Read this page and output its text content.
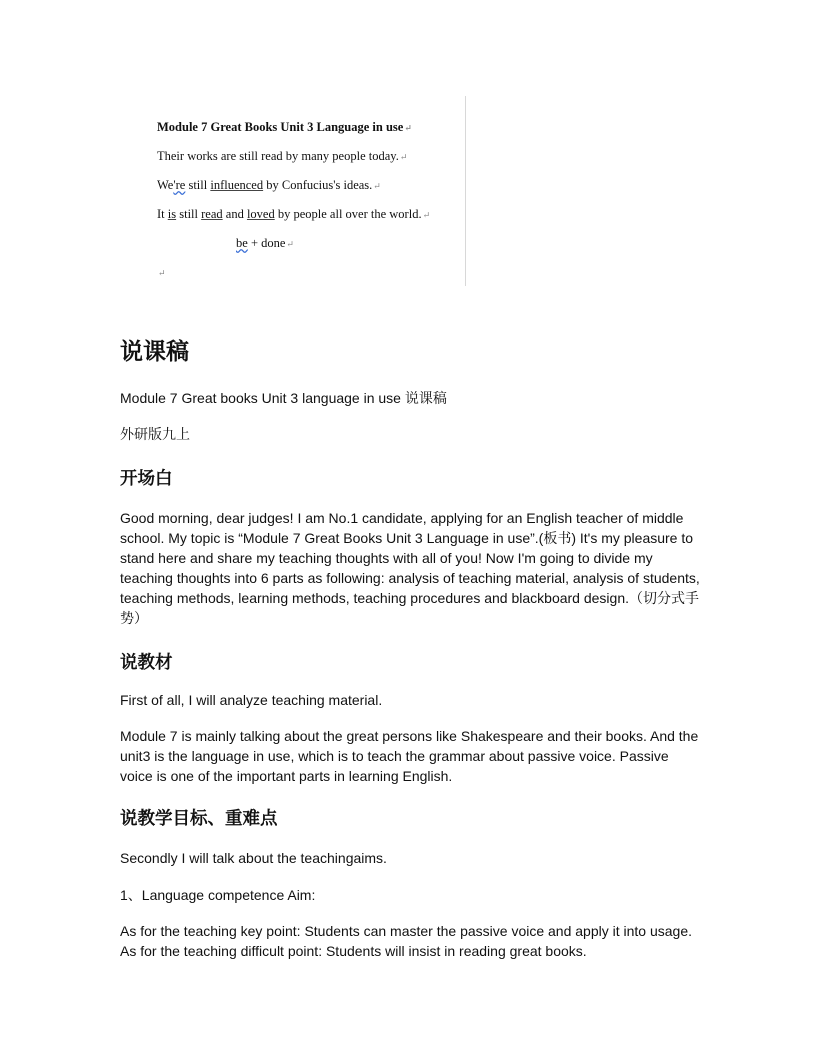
Module 7 Great Books Unit 3 Language in use↵
Their works are still read by many people today.↵
We're still influenced by Confucius's ideas.↵
It is still read and loved by people all over the world.↵
be + done↵
↵
说课稿

Module 7 Great books Unit 3 language in use 说课稿

外研版九上

开场白

Good morning, dear judges! I am No.1 candidate, applying for an English teacher of middle school. My topic is “Module 7 Great Books Unit 3 Language in use”.(板书) It's my pleasure to stand here and share my teaching thoughts with all of you! Now I'm going to divide my teaching thoughts into 6 parts as following: analysis of teaching material, analysis of students, teaching methods, learning methods, teaching procedures and blackboard design.（切分式手势）

说教材

First of all, I will analyze teaching material.

Module 7 is mainly talking about the great persons like Shakespeare and their books. And the unit3 is the language in use, which is to teach the grammar about passive voice. Passive voice is one of the important parts in learning English.

说教学目标、重难点

Secondly I will talk about the teachingaims.

1、Language competence Aim:

As for the teaching key point: Students can master the passive voice and apply it into usage. As for the teaching difficult point: Students will insist in reading great books.
